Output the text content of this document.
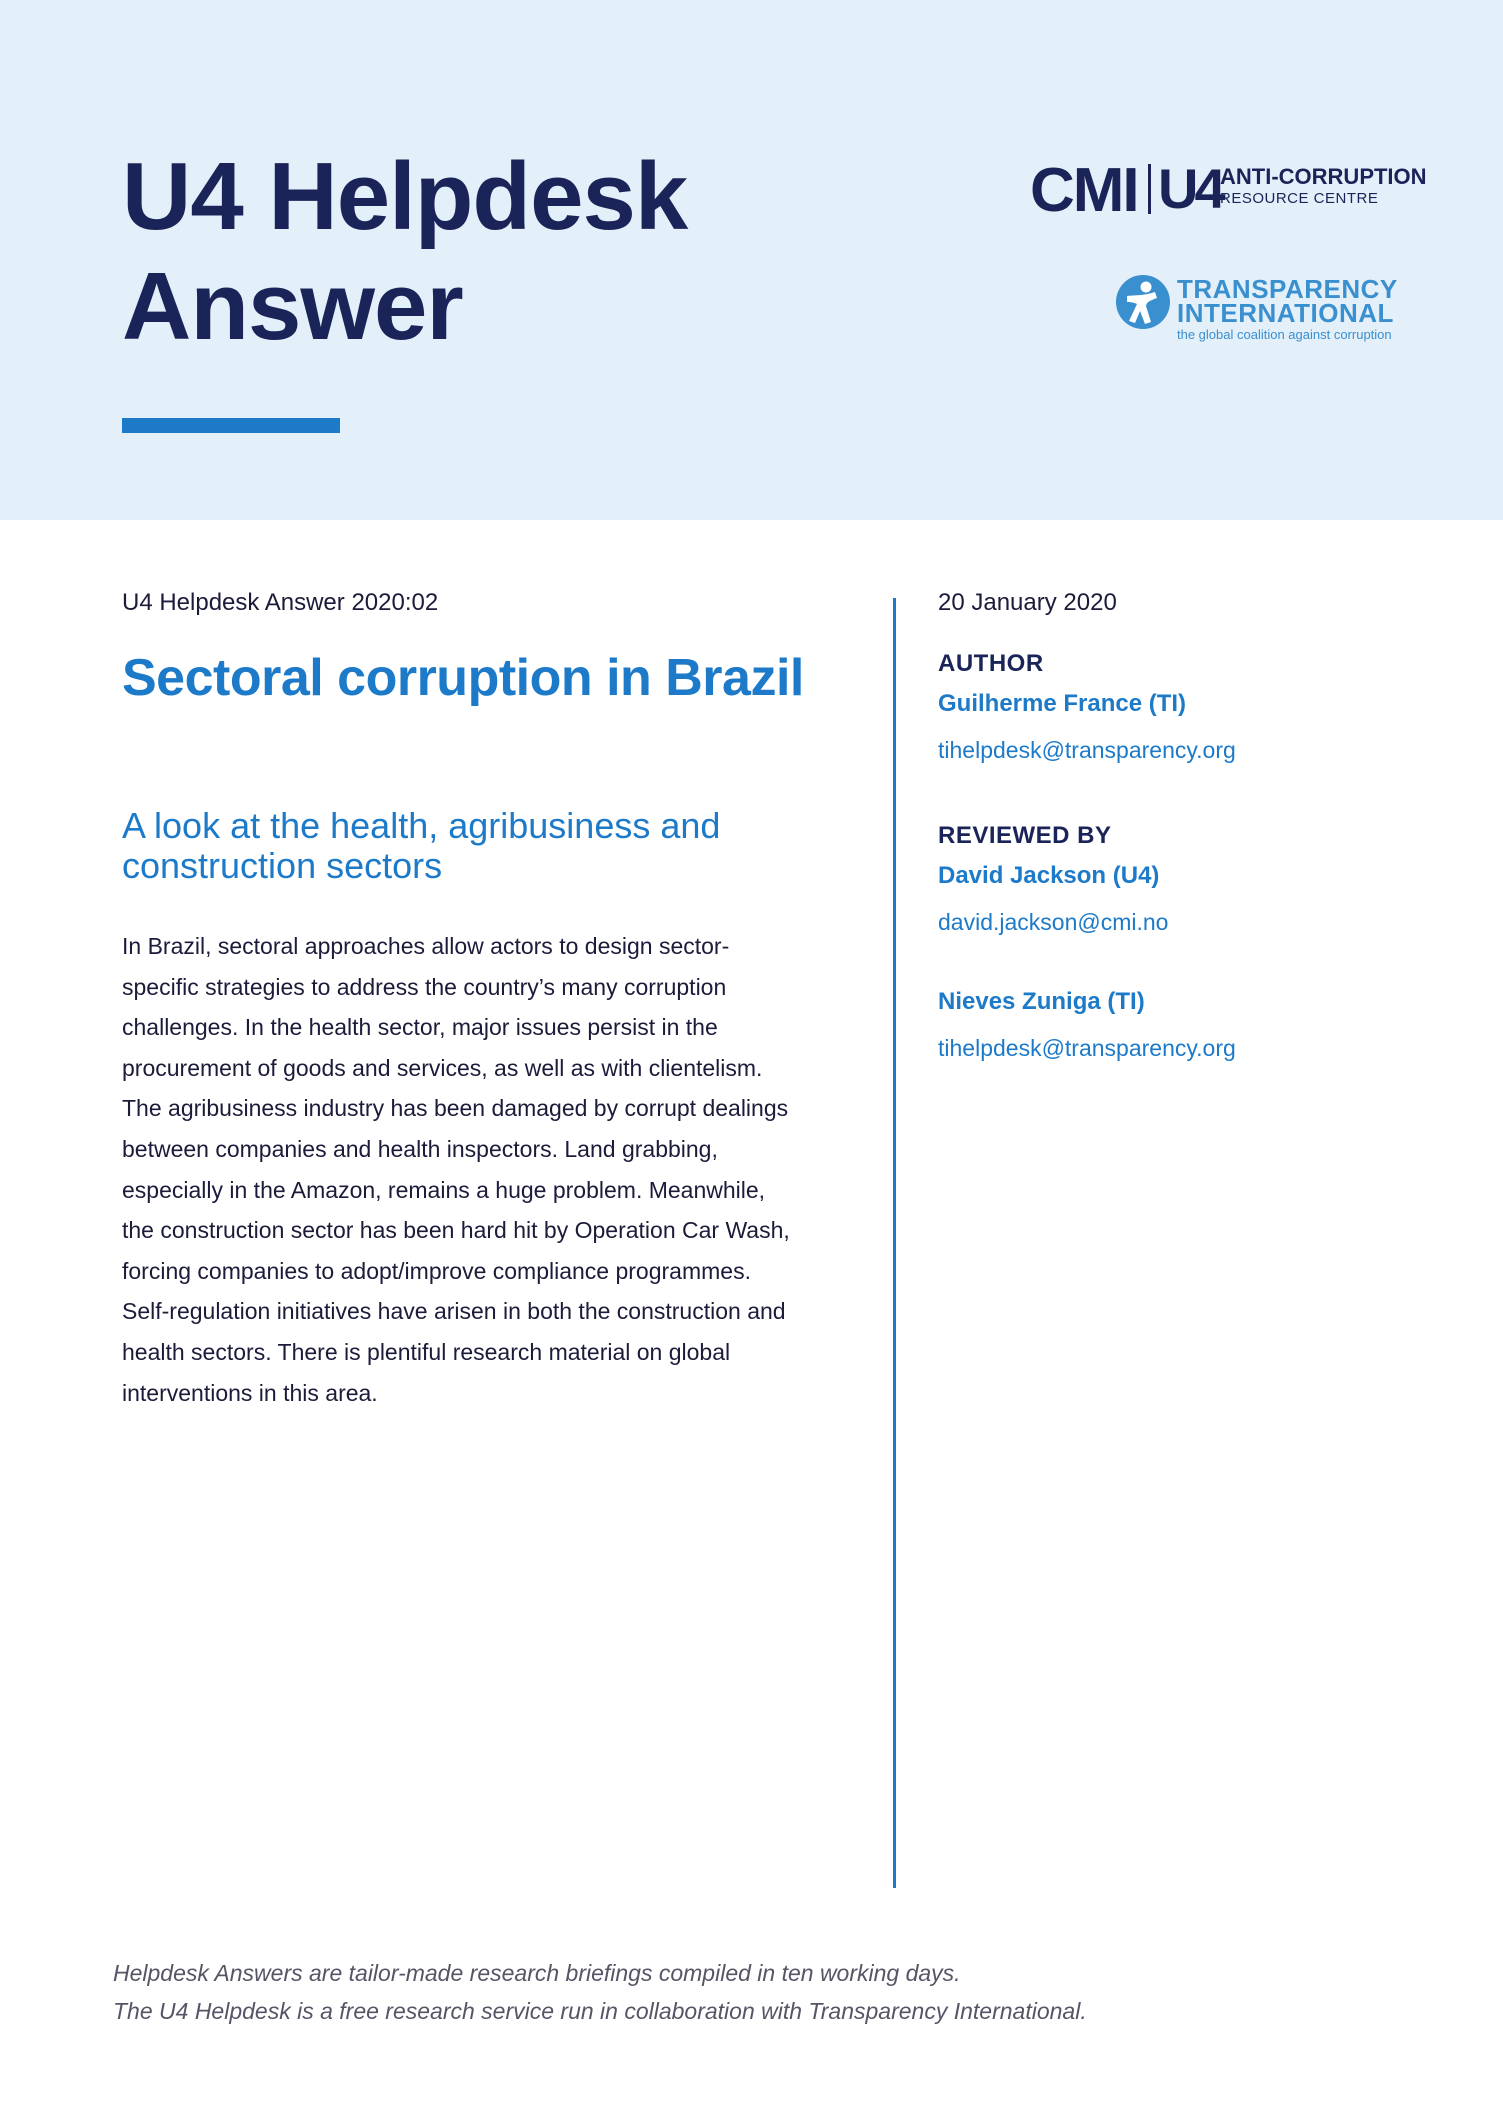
U4 Helpdesk
Answer
CMI U4
ANTI-CORRUPTION
RESOURCE CENTRE
TRANSPARENCY
INTERNATIONAL
the global coalition against corruption
U4 Helpdesk Answer 2020:02
Sectoral corruption in Brazil
A look at the health, agribusiness and construction sectors

In Brazil, sectoral approaches allow actors to design sector-specific strategies to address the country’s many corruption challenges. In the health sector, major issues persist in the procurement of goods and services, as well as with clientelism. The agribusiness industry has been damaged by corrupt dealings between companies and health inspectors. Land grabbing, especially in the Amazon, remains a huge problem. Meanwhile, the construction sector has been hard hit by Operation Car Wash, forcing companies to adopt/improve compliance programmes. Self-regulation initiatives have arisen in both the construction and health sectors. There is plentiful research material on global interventions in this area.

20 January 2020
AUTHOR
Guilherme France (TI)
tihelpdesk@transparency.org
REVIEWED BY
David Jackson (U4)
david.jackson@cmi.no
Nieves Zuniga (TI)
tihelpdesk@transparency.org
Helpdesk Answers are tailor-made research briefings compiled in ten working days.
The U4 Helpdesk is a free research service run in collaboration with Transparency International.
